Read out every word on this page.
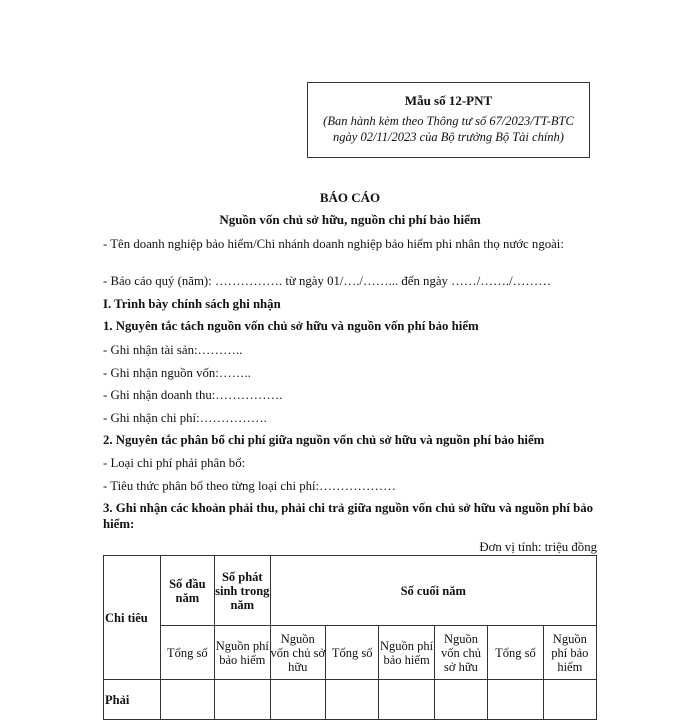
Mẫu số 12-PNT
(Ban hành kèm theo Thông tư số 67/2023/TT-BTC ngày 02/11/2023 của Bộ trưởng Bộ Tài chính)
BÁO CÁO
Nguồn vốn chủ sở hữu, nguồn chi phí bảo hiểm
- Tên doanh nghiệp bảo hiểm/Chi nhánh doanh nghiệp bảo hiểm phi nhân thọ nước ngoài:
- Báo cáo quý (năm): ……………. từ ngày 01/…./……... đến ngày ……/……./………
I. Trình bày chính sách ghi nhận
1. Nguyên tắc tách nguồn vốn chủ sở hữu và nguồn vốn phí bảo hiểm
- Ghi nhận tài sản:………..
- Ghi nhận nguồn vốn:……..
- Ghi nhận doanh thu:…………….
- Ghi nhận chi phí:…………….
2. Nguyên tắc phân bổ chi phí giữa nguồn vốn chủ sở hữu và nguồn phí bảo hiểm
- Loại chi phí phải phân bổ:
- Tiêu thức phân bổ theo từng loại chi phí:………………
3. Ghi nhận các khoản phải thu, phải chi trả giữa nguồn vốn chủ sở hữu và nguồn phí bảo hiểm:
Đơn vị tính: triệu đồng
Chi tiêu	Số đầu năm	Số phát sinh trong năm	Số cuối năm					
	Tổng số	Nguồn phí bảo hiểm	Nguồn vốn chủ sở hữu	Tổng số	Nguồn phí bảo hiểm	Nguồn vốn chủ sở hữu	Tổng số	Nguồn phí bảo hiểm
Phải								
